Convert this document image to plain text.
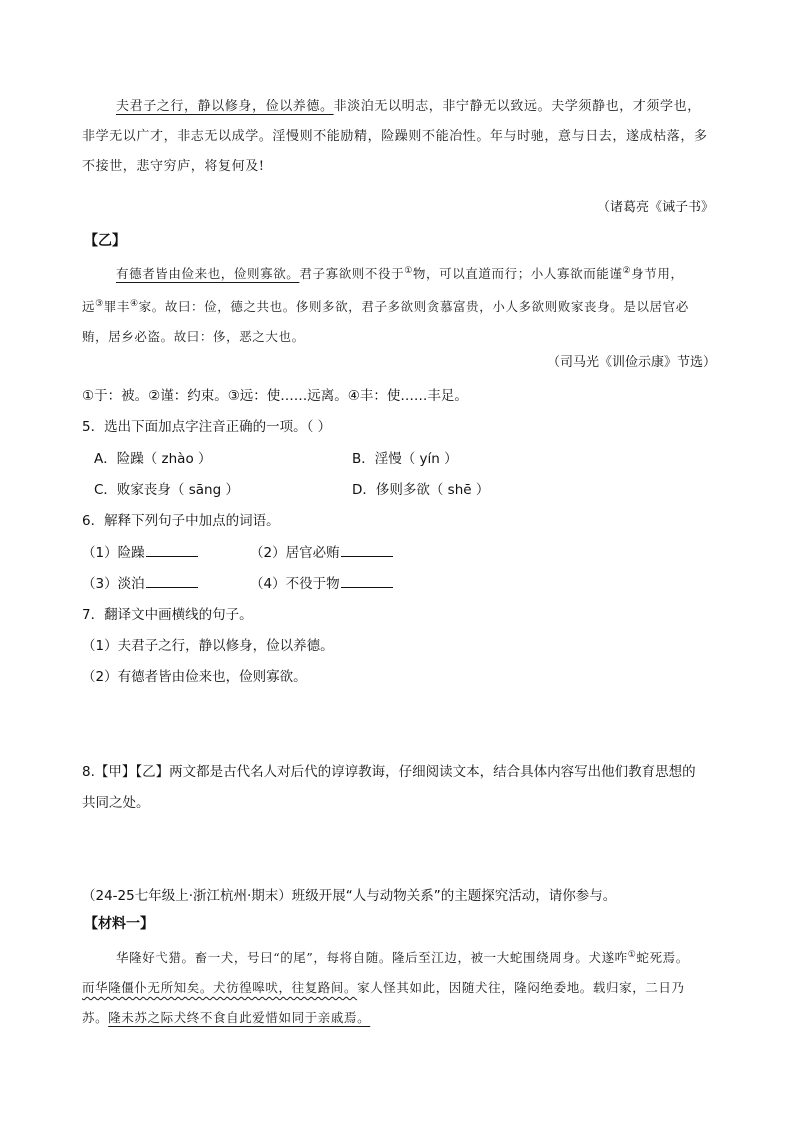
夫君子之行，静以修身，俭以养德。非淡泊无以明志，非宁静无以致远。夫学须静也，才须学也，
非学无以广才，非志无以成学。淫慢则不能励精，险躁则不能冶性。年与时驰，意与日去，遂成枯落，多
不接世，悲守穷庐，将复何及!
（诸葛亮《诫子书》
【乙】
有德者皆由俭来也，俭则寡欲。君子寡欲则不役于①物，可以直道而行；小人寡欲而能谨②身节用，
远③罪丰④家。故曰：俭，德之共也。侈则多欲，君子多欲则贪慕富贵，小人多欲则败家丧身。是以居官必
贿，居乡必盗。故曰：侈，恶之大也。
（司马光《训俭示康》节选）
①于：被。②谨：约束。③远：使……远离。④丰：使……丰足。
5．选出下面加点字注音正确的一项。（ ）
A．险躁（ zhào ）	B．淫慢（ yín ）
C．败家丧身（ sāng ）	D．侈则多欲（ shē ）
6．解释下列句子中加点的词语。
（1）险躁	（2）居官必贿
（3）淡泊	（4）不役于物
7．翻译文中画横线的句子。
（1）夫君子之行，静以修身，俭以养德。
（2）有德者皆由俭来也，俭则寡欲。
8.【甲】【乙】两文都是古代名人对后代的谆谆教诲，仔细阅读文本，结合具体内容写出他们教育思想的
共同之处。
（24-25七年级上·浙江杭州·期末）班级开展“人与动物关系”的主题探究活动，请你参与。
【材料一】
华隆好弋猎。畜一犬，号曰“的尾”，每将自随。隆后至江边，被一大蛇围绕周身。犬遂咋①蛇死焉。
而华隆僵仆无所知矣。犬彷徨嗥吠，往复路间。家人怪其如此，因随犬往，隆闷绝委地。载归家，二日乃
苏。隆未苏之际犬终不食自此爱惜如同于亲戚焉。
